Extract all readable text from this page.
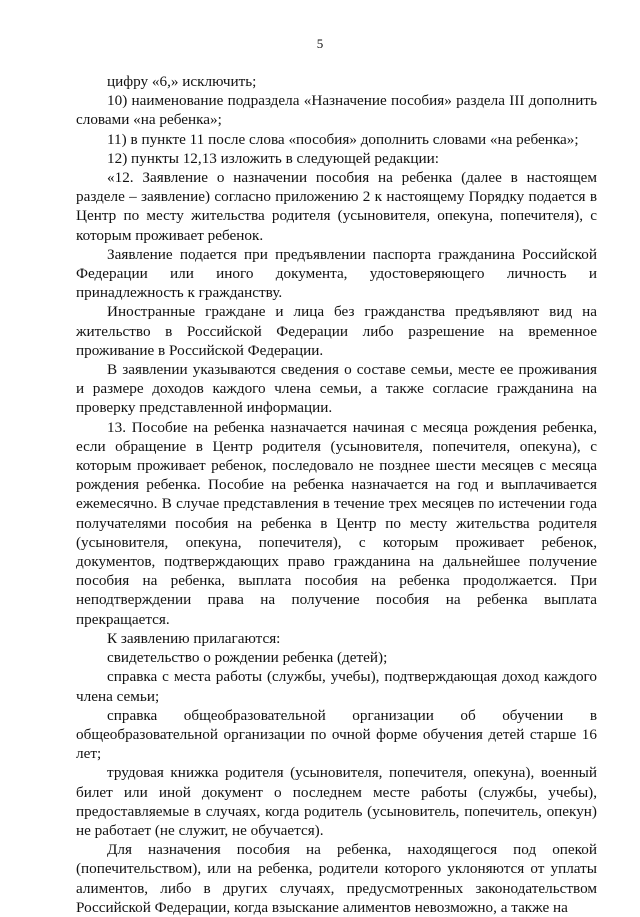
5

цифру «6,» исключить;

10) наименование подраздела «Назначение пособия» раздела III дополнить словами «на ребенка»;

11) в пункте 11 после слова «пособия» дополнить словами «на ребенка»;

12) пункты 12,13 изложить в следующей редакции:

«12. Заявление о назначении пособия на ребенка (далее в настоящем разделе – заявление) согласно приложению 2 к настоящему Порядку подается в Центр по месту жительства родителя (усыновителя, опекуна, попечителя), с которым проживает ребенок.

Заявление подается при предъявлении паспорта гражданина Российской Федерации или иного документа, удостоверяющего личность и принадлежность к гражданству.

Иностранные граждане и лица без гражданства предъявляют вид на жительство в Российской Федерации либо разрешение на временное проживание в Российской Федерации.

В заявлении указываются сведения о составе семьи, месте ее проживания и размере доходов каждого члена семьи, а также согласие гражданина на проверку представленной информации.

13. Пособие на ребенка назначается начиная с месяца рождения ребенка, если обращение в Центр родителя (усыновителя, попечителя, опекуна), с которым проживает ребенок, последовало не позднее шести месяцев с месяца рождения ребенка. Пособие на ребенка назначается на год и выплачивается ежемесячно. В случае представления в течение трех месяцев по истечении года получателями пособия на ребенка в Центр по месту жительства родителя (усыновителя, опекуна, попечителя), с которым проживает ребенок, документов, подтверждающих право гражданина на дальнейшее получение пособия на ребенка, выплата пособия на ребенка продолжается. При неподтверждении права на получение пособия на ребенка выплата прекращается.

К заявлению прилагаются:

свидетельство о рождении ребенка (детей);

справка с места работы (службы, учебы), подтверждающая доход каждого члена семьи;

справка общеобразовательной организации об обучении в общеобразовательной организации по очной форме обучения детей старше 16 лет;

трудовая книжка родителя (усыновителя, попечителя, опекуна), военный билет или иной документ о последнем месте работы (службы, учебы), предоставляемые в случаях, когда родитель (усыновитель, попечитель, опекун) не работает (не служит, не обучается).

Для назначения пособия на ребенка, находящегося под опекой (попечительством), или на ребенка, родители которого уклоняются от уплаты алиментов, либо в других случаях, предусмотренных законодательством Российской Федерации, когда взыскание алиментов невозможно, а также на
